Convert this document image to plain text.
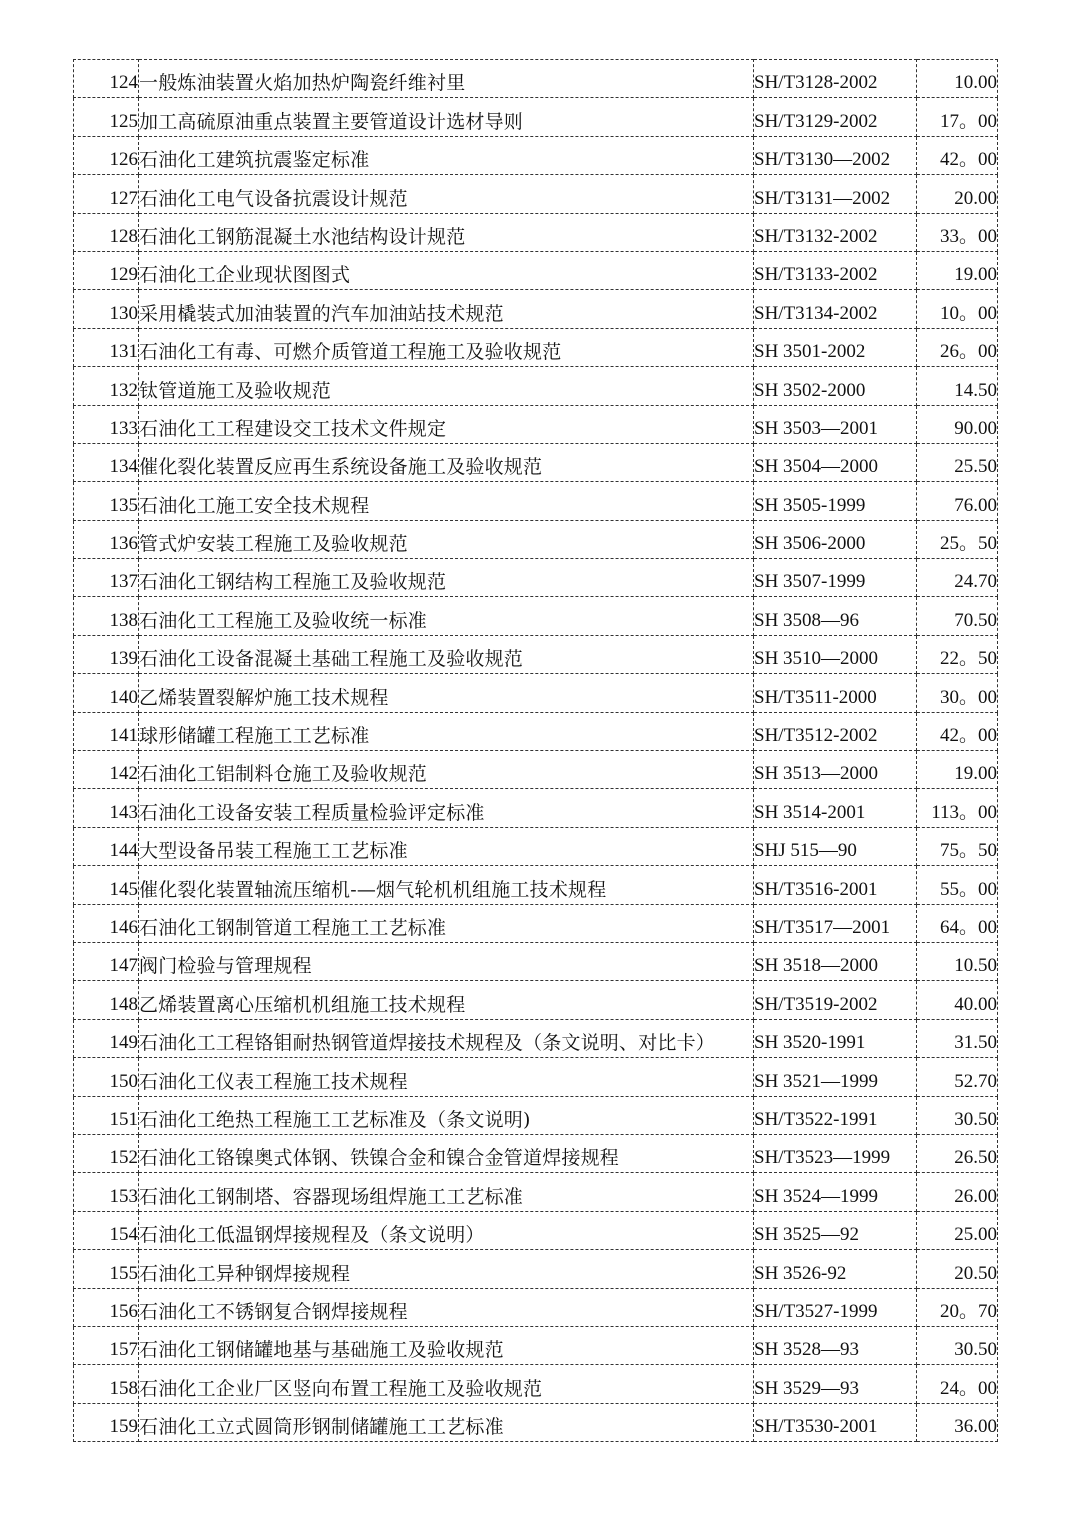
124	一般炼油装置火焰加热炉陶瓷纤维衬里	SH/T3128-2002	10.00
125	加工高硫原油重点装置主要管道设计选材导则	SH/T3129-2002	17。00
126	石油化工建筑抗震鉴定标准	SH/T3130—2002	42。00
127	石油化工电气设备抗震设计规范	SH/T3131—2002	20.00
128	石油化工钢筋混凝土水池结构设计规范	SH/T3132-2002	33。00
129	石油化工企业现状图图式	SH/T3133-2002	19.00
130	采用橇装式加油装置的汽车加油站技术规范	SH/T3134-2002	10。00
131	石油化工有毒、可燃介质管道工程施工及验收规范	SH 3501-2002	26。00
132	钛管道施工及验收规范	SH 3502-2000	14.50
133	石油化工工程建设交工技术文件规定	SH 3503—2001	90.00
134	催化裂化装置反应再生系统设备施工及验收规范	SH 3504—2000	25.50
135	石油化工施工安全技术规程	SH 3505-1999	76.00
136	管式炉安装工程施工及验收规范	SH 3506-2000	25。50
137	石油化工钢结构工程施工及验收规范	SH 3507-1999	24.70
138	石油化工工程施工及验收统一标准	SH 3508—96	70.50
139	石油化工设备混凝土基础工程施工及验收规范	SH 3510—2000	22。50
140	乙烯装置裂解炉施工技术规程	SH/T3511-2000	30。00
141	球形储罐工程施工工艺标准	SH/T3512-2002	42。00
142	石油化工铝制料仓施工及验收规范	SH 3513—2000	19.00
143	石油化工设备安装工程质量检验评定标准	SH 3514-2001	113。00
144	大型设备吊装工程施工工艺标准	SHJ 515—90	75。50
145	催化裂化装置轴流压缩机-—烟气轮机机组施工技术规程	SH/T3516-2001	55。00
146	石油化工钢制管道工程施工工艺标准	SH/T3517—2001	64。00
147	阀门检验与管理规程	SH 3518—2000	10.50
148	乙烯装置离心压缩机机组施工技术规程	SH/T3519-2002	40.00
149	石油化工工程铬钼耐热钢管道焊接技术规程及（条文说明、对比卡）	SH 3520-1991	31.50
150	石油化工仪表工程施工技术规程	SH 3521—1999	52.70
151	石油化工绝热工程施工工艺标准及（条文说明)	SH/T3522-1991	30.50
152	石油化工铬镍奥式体钢、铁镍合金和镍合金管道焊接规程	SH/T3523—1999	26.50
153	石油化工钢制塔、容器现场组焊施工工艺标准	SH 3524—1999	26.00
154	石油化工低温钢焊接规程及（条文说明）	SH 3525—92	25.00
155	石油化工异种钢焊接规程	SH 3526-92	20.50
156	石油化工不锈钢复合钢焊接规程	SH/T3527-1999	20。70
157	石油化工钢储罐地基与基础施工及验收规范	SH 3528—93	30.50
158	石油化工企业厂区竖向布置工程施工及验收规范	SH 3529—93	24。00
159	石油化工立式圆筒形钢制储罐施工工艺标准	SH/T3530-2001	36.00
